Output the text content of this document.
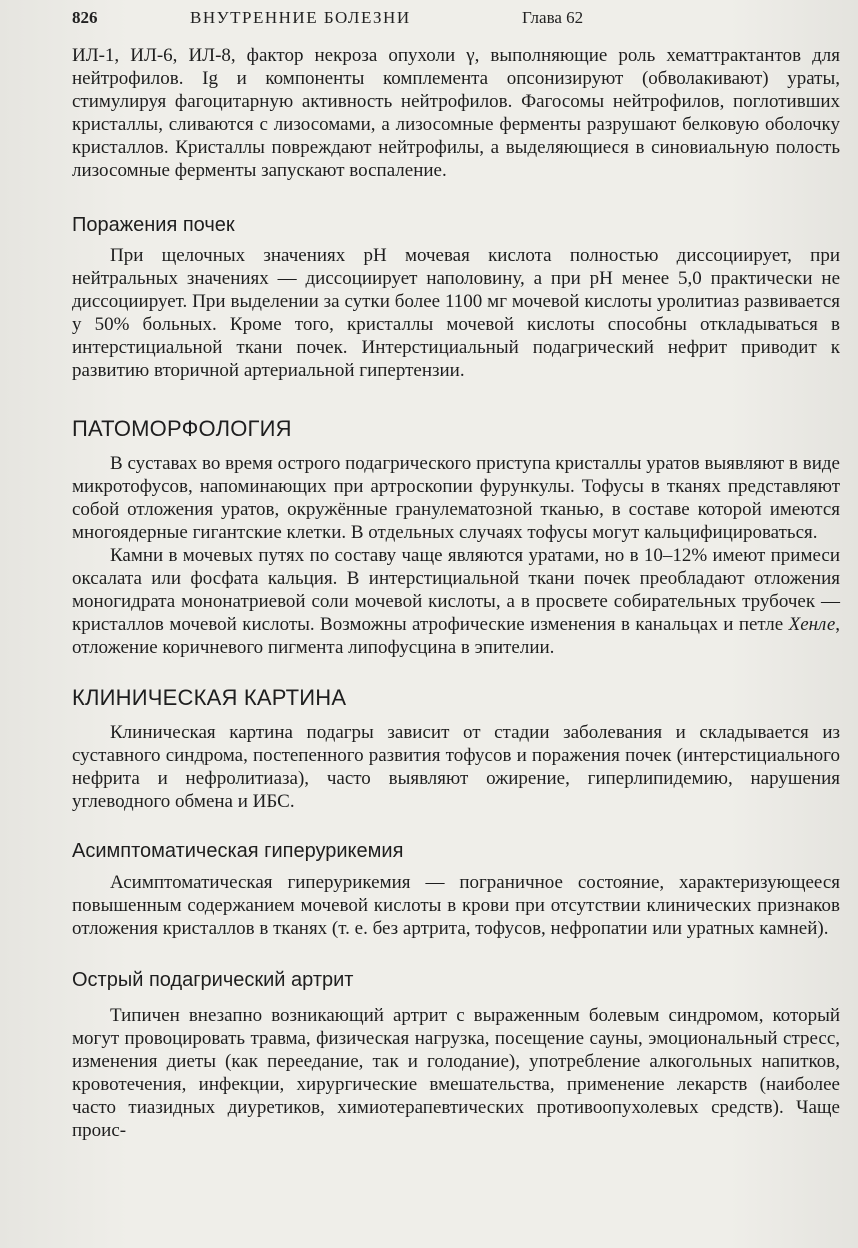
826	ВНУТРЕННИЕ БОЛЕЗНИ	Глава 62

ИЛ-1, ИЛ-6, ИЛ-8, фактор некроза опухоли γ, выполняющие роль хематтрактантов для нейтрофилов. Ig и компоненты комплемента опсонизируют (обволакивают) ураты, стимулируя фагоцитарную активность нейтрофилов. Фагосомы нейтрофилов, поглотивших кристаллы, сливаются с лизосомами, а лизосомные ферменты разрушают белковую оболочку кристаллов. Кристаллы повреждают нейтрофилы, а выделяющиеся в синовиальную полость лизосомные ферменты запускают воспаление.

Поражения почек

При щелочных значениях pH мочевая кислота полностью диссоциирует, при нейтральных значениях — диссоциирует наполовину, а при pH менее 5,0 практически не диссоциирует. При выделении за сутки более 1100 мг мочевой кислоты уролитиаз развивается у 50% больных. Кроме того, кристаллы мочевой кислоты способны откладываться в интерстициальной ткани почек. Интерстициальный подагрический нефрит приводит к развитию вторичной артериальной гипертензии.

ПАТОМОРФОЛОГИЯ

В суставах во время острого подагрического приступа кристаллы уратов выявляют в виде микротофусов, напоминающих при артроскопии фурункулы. Тофусы в тканях представляют собой отложения уратов, окружённые гранулематозной тканью, в составе которой имеются многоядерные гигантские клетки. В отдельных случаях тофусы могут кальцифицироваться.

Камни в мочевых путях по составу чаще являются уратами, но в 10–12% имеют примеси оксалата или фосфата кальция. В интерстициальной ткани почек преобладают отложения моногидрата мононатриевой соли мочевой кислоты, а в просвете собирательных трубочек — кристаллов мочевой кислоты. Возможны атрофические изменения в канальцах и петле Хенле, отложение коричневого пигмента липофусцина в эпителии.

КЛИНИЧЕСКАЯ КАРТИНА

Клиническая картина подагры зависит от стадии заболевания и складывается из суставного синдрома, постепенного развития тофусов и поражения почек (интерстициального нефрита и нефролитиаза), часто выявляют ожирение, гиперлипидемию, нарушения углеводного обмена и ИБС.

Асимптоматическая гиперурикемия

Асимптоматическая гиперурикемия — пограничное состояние, характеризующееся повышенным содержанием мочевой кислоты в крови при отсутствии клинических признаков отложения кристаллов в тканях (т. е. без артрита, тофусов, нефропатии или уратных камней).

Острый подагрический артрит

Типичен внезапно возникающий артрит с выраженным болевым синдромом, который могут провоцировать травма, физическая нагрузка, посещение сауны, эмоциональный стресс, изменения диеты (как переедание, так и голодание), употребление алкогольных напитков, кровотечения, инфекции, хирургические вмешательства, применение лекарств (наиболее часто тиазидных диуретиков, химиотерапевтических противоопухолевых средств). Чаще проис-
